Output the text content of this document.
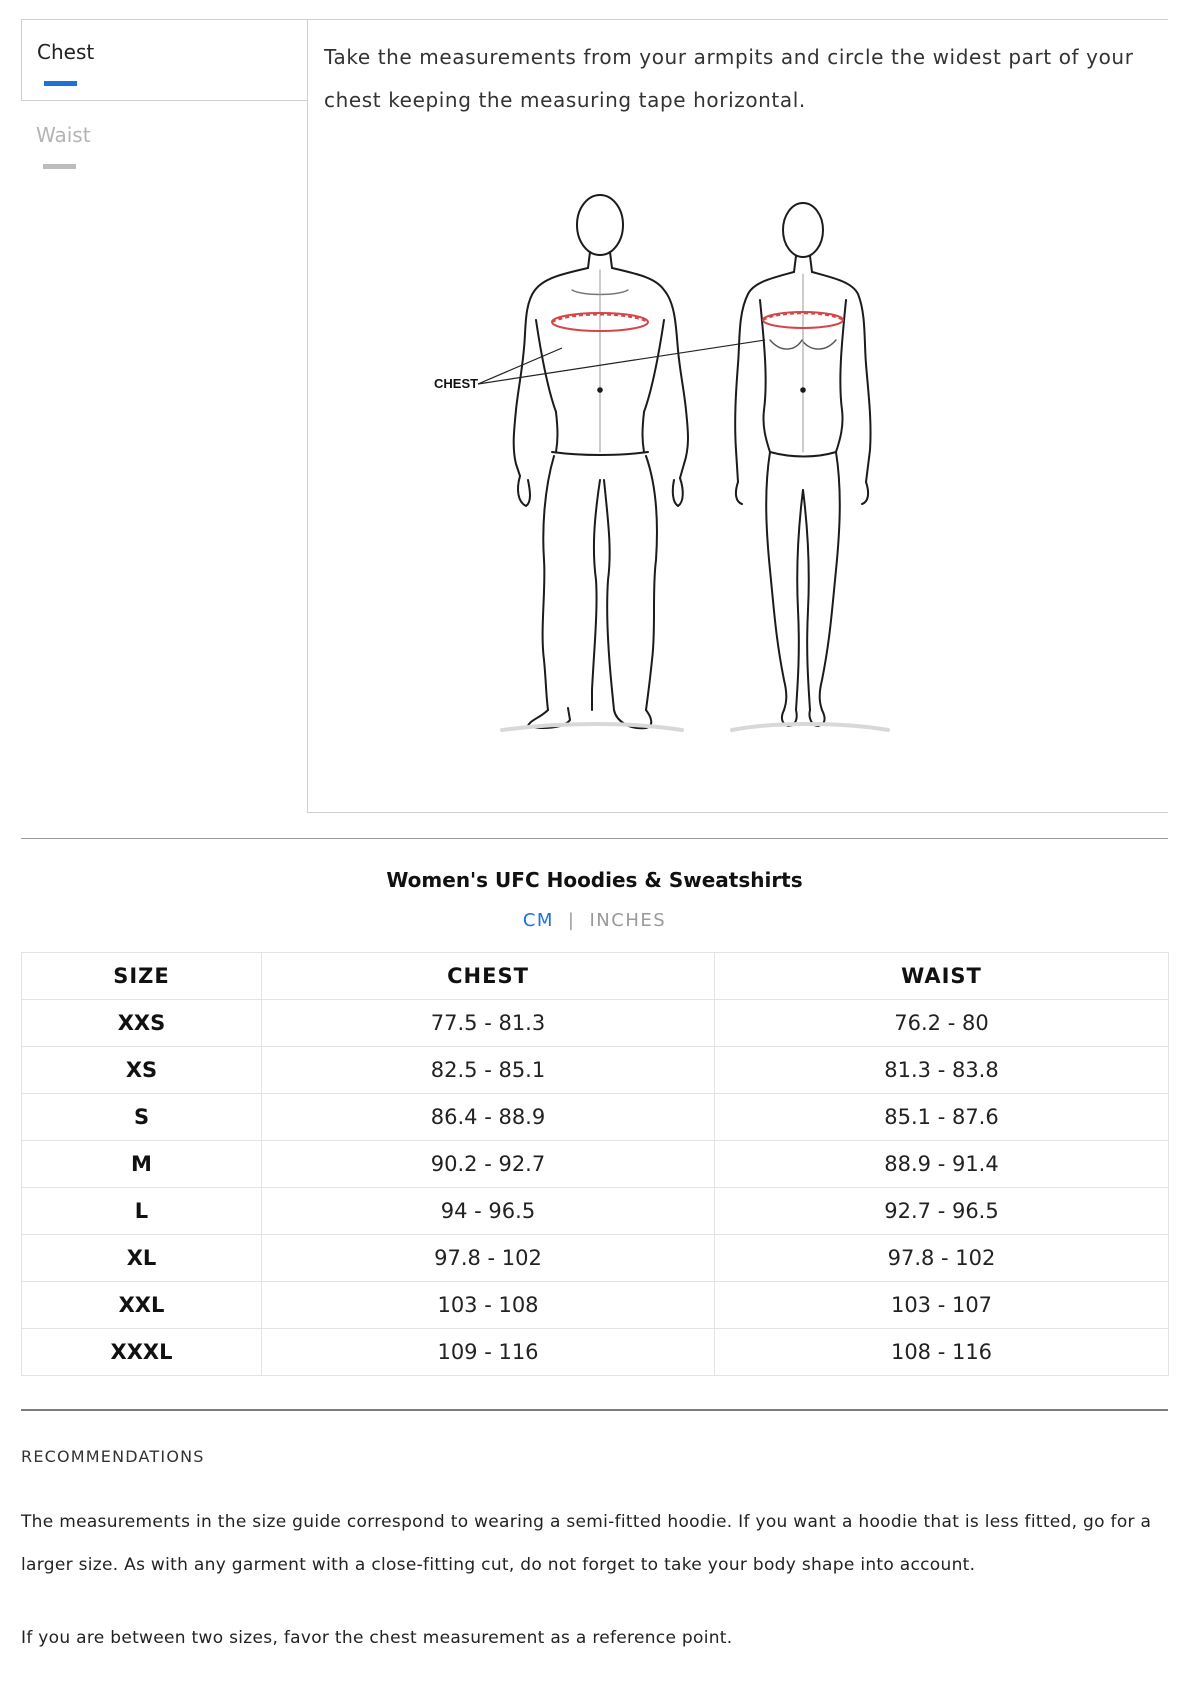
Chest
Waist
Take the measurements from your armpits and circle the widest part of your chest keeping the measuring tape horizontal.
CHEST
Women's UFC Hoodies & Sweatshirts
CM | INCHES
SIZE	CHEST	WAIST
XXS	77.5 - 81.3	76.2 - 80
XS	82.5 - 85.1	81.3 - 83.8
S	86.4 - 88.9	85.1 - 87.6
M	90.2 - 92.7	88.9 - 91.4
L	94 - 96.5	92.7 - 96.5
XL	97.8 - 102	97.8 - 102
XXL	103 - 108	103 - 107
XXXL	109 - 116	108 - 116
RECOMMENDATIONS
The measurements in the size guide correspond to wearing a semi-fitted hoodie. If you want a hoodie that is less fitted, go for a larger size. As with any garment with a close-fitting cut, do not forget to take your body shape into account.
If you are between two sizes, favor the chest measurement as a reference point.
